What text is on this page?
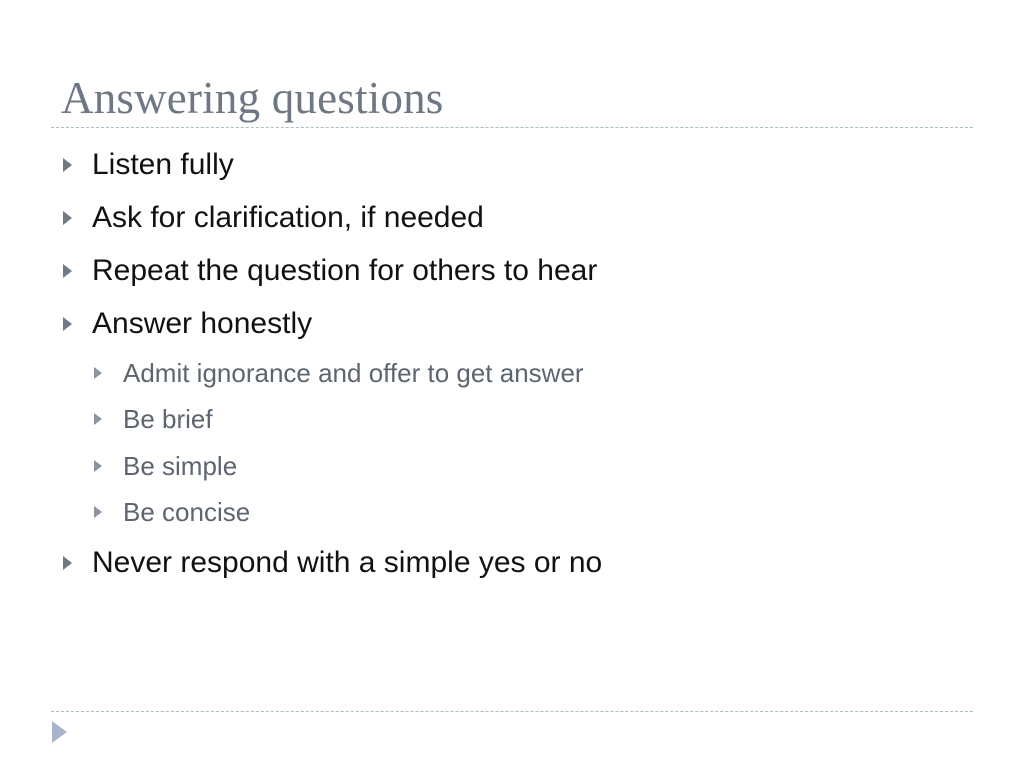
Answering questions
Listen fully
Ask for clarification, if needed
Repeat the question for others to hear
Answer honestly
Admit ignorance and offer to get answer
Be brief
Be simple
Be concise
Never respond with a simple yes or no
